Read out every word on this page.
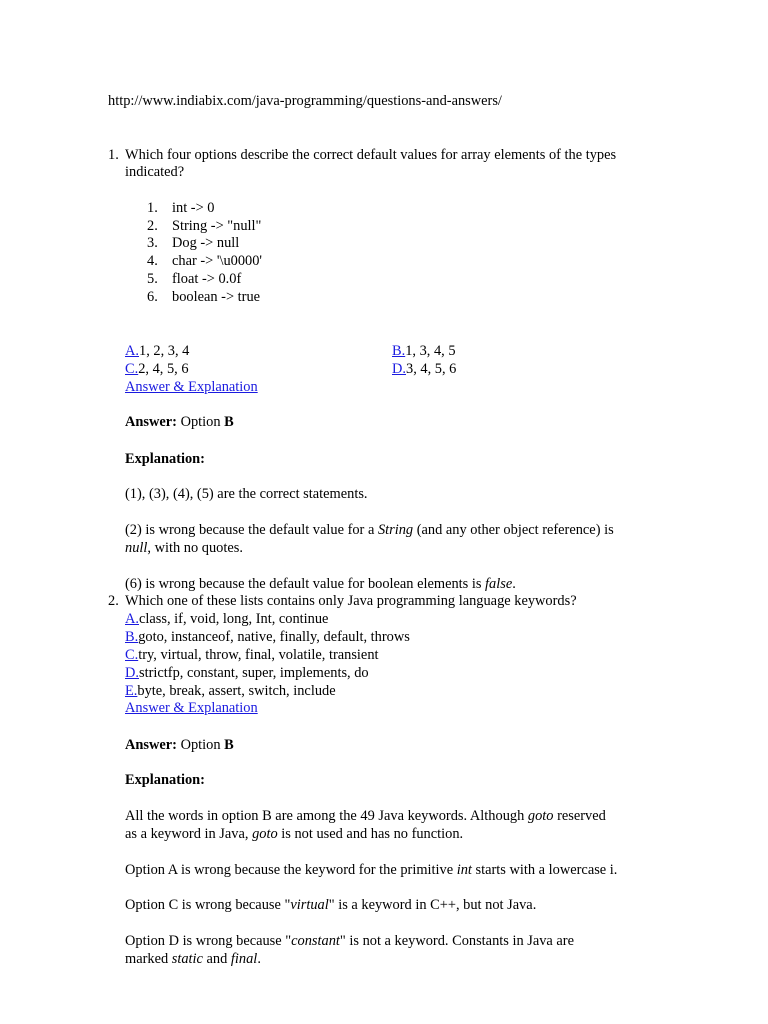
http://www.indiabix.com/java-programming/questions-and-answers/
1. Which four options describe the correct default values for array elements of the types
indicated?
1. int -> 0
2. String -> "null"
3. Dog -> null
4. char -> '\u0000'
5. float -> 0.0f
6. boolean -> true
A.1, 2, 3, 4	B.1, 3, 4, 5
C.2, 4, 5, 6	D.3, 4, 5, 6
Answer & Explanation
Answer: Option B
Explanation:
(1), (3), (4), (5) are the correct statements.
(2) is wrong because the default value for a String (and any other object reference) is
null, with no quotes.
(6) is wrong because the default value for boolean elements is false.
2. Which one of these lists contains only Java programming language keywords?
A.class, if, void, long, Int, continue
B.goto, instanceof, native, finally, default, throws
C.try, virtual, throw, final, volatile, transient
D.strictfp, constant, super, implements, do
E.byte, break, assert, switch, include
Answer & Explanation
Answer: Option B
Explanation:
All the words in option B are among the 49 Java keywords. Although goto reserved
as a keyword in Java, goto is not used and has no function.
Option A is wrong because the keyword for the primitive int starts with a lowercase i.
Option C is wrong because "virtual" is a keyword in C++, but not Java.
Option D is wrong because "constant" is not a keyword. Constants in Java are
marked static and final.
